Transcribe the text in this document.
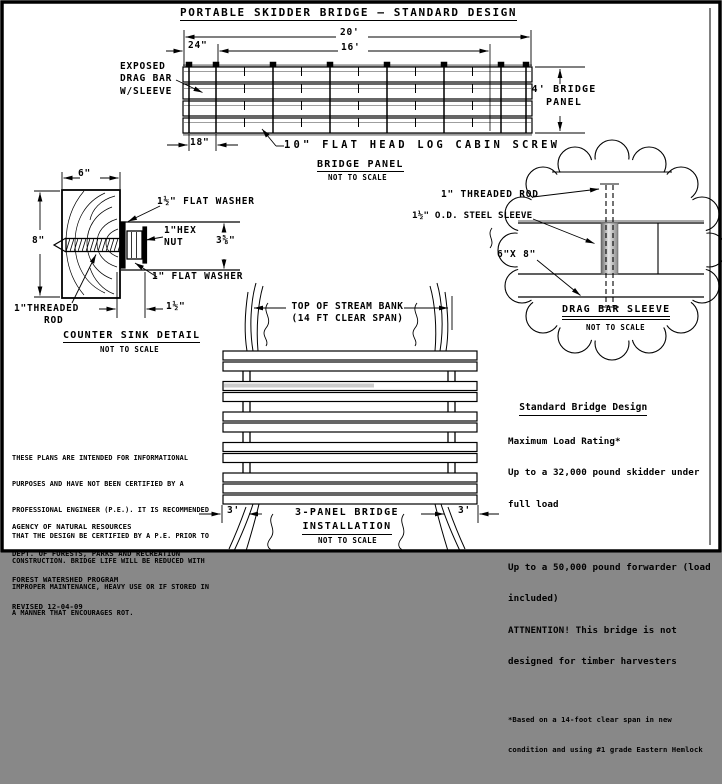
PORTABLE SKIDDER BRIDGE — STANDARD DESIGN
20'
16'
24"
EXPOSED
DRAG BAR
W/SLEEVE	4' BRIDGE
PANEL
18"	10" FLAT HEAD LOG CABIN SCREW
BRIDGE PANEL
NOT TO SCALE
6"
8"
1½" FLAT WASHER
1"HEX
NUT	3⅝"
1" FLAT WASHER
1"THREADED
ROD
1½"
COUNTER SINK DETAIL
NOT TO SCALE
1" THREADED ROD
1½" O.D. STEEL SLEEVE
6"X 8"
DRAG BAR SLEEVE
NOT TO SCALE
TOP OF STREAM BANK
(14 FT CLEAR SPAN)
3'	3'
3-PANEL BRIDGE
INSTALLATION
NOT TO SCALE

THESE PLANS ARE INTENDED FOR INFORMATIONAL

PURPOSES AND HAVE NOT BEEN CERTIFIED BY A

PROFESSIONAL ENGINEER (P.E.). IT IS RECOMMENDED

THAT THE DESIGN BE CERTIFIED BY A P.E. PRIOR TO

CONSTRUCTION. BRIDGE LIFE WILL BE REDUCED WITH

IMPROPER MAINTENANCE, HEAVY USE OR IF STORED IN

A MANNER THAT ENCOURAGES ROT.

AGENCY OF NATURAL RESOURCES

DEPT. OF FORESTS, PARKS AND RECREATION

FOREST WATERSHED PROGRAM

REVISED 12-04-09

Standard Bridge Design

Maximum Load Rating*

Up to a 32,000 pound skidder under

full load

Up to a 50,000 pound forwarder (load

included)

ATTNENTION! This bridge is not

designed for timber harvesters

*Based on a 14-foot clear span in new

condition and using #1 grade Eastern Hemlock
